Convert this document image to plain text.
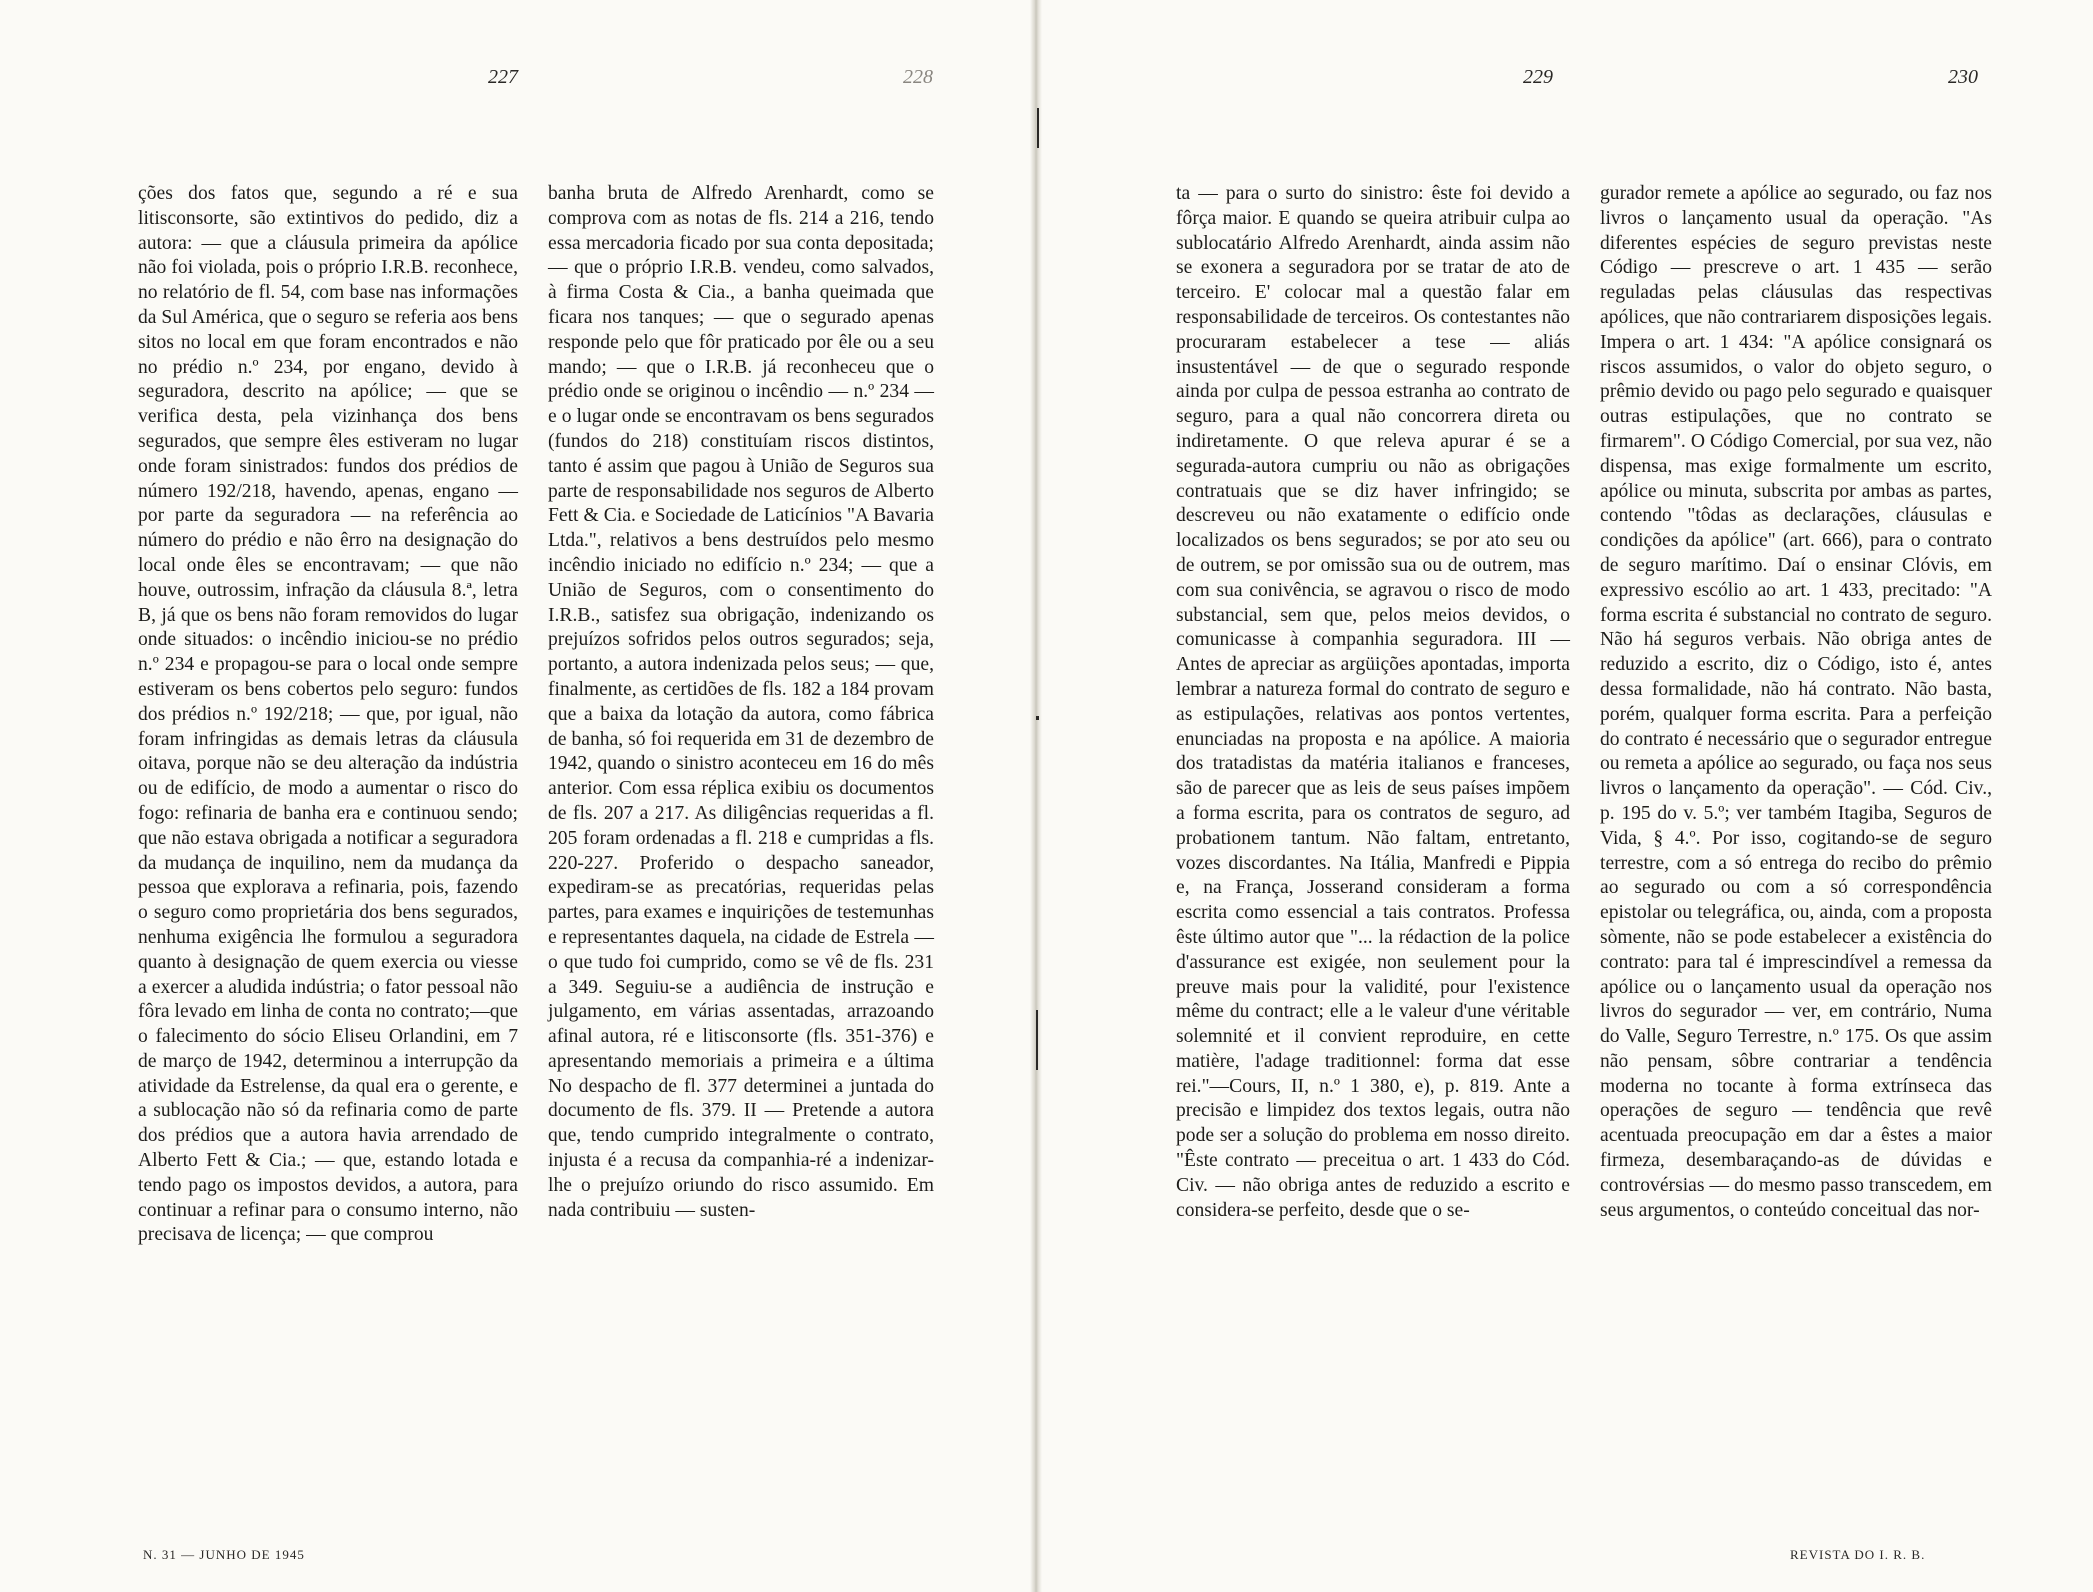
227	228	229	230

ções dos fatos que, segundo a ré e sua litisconsorte, são extintivos do pedido, diz a autora: — que a cláusula primeira da apólice não foi violada, pois o próprio I.R.B. reconhece, no relatório de fl. 54, com base nas informações da Sul América, que o seguro se referia aos bens sitos no local em que foram encontrados e não no prédio n.º 234, por engano, devido à seguradora, descrito na apólice; — que se verifica desta, pela vizinhança dos bens segurados, que sempre êles estiveram no lugar onde foram sinistrados: fundos dos prédios de número 192/218, havendo, apenas, engano — por parte da seguradora — na referência ao número do prédio e não êrro na designação do local onde êles se encontravam; — que não houve, outrossim, infração da cláusula 8.ª, letra B, já que os bens não foram removidos do lugar onde situados: o incêndio iniciou-se no prédio n.º 234 e propagou-se para o local onde sempre estiveram os bens cobertos pelo seguro: fundos dos prédios n.º 192/218; — que, por igual, não foram infringidas as demais letras da cláusula oitava, porque não se deu alteração da indústria ou de edifício, de modo a aumentar o risco do fogo: refinaria de banha era e continuou sendo; que não estava obrigada a notificar a seguradora da mudança de inquilino, nem da mudança da pessoa que explorava a refinaria, pois, fazendo o seguro como proprietária dos bens segurados, nenhuma exigência lhe formulou a seguradora quanto à designação de quem exercia ou viesse a exercer a aludida indústria; o fator pessoal não fôra levado em linha de conta no contrato;—que o falecimento do sócio Eliseu Orlandini, em 7 de março de 1942, determinou a interrupção da atividade da Estrelense, da qual era o gerente, e a sublocação não só da refinaria como de parte dos prédios que a autora havia arrendado de Alberto Fett & Cia.; — que, estando lotada e tendo pago os impostos devidos, a autora, para continuar a refinar para o consumo interno, não precisava de licença; — que comprou

banha bruta de Alfredo Arenhardt, como se comprova com as notas de fls. 214 a 216, tendo essa mercadoria ficado por sua conta depositada; — que o próprio I.R.B. vendeu, como salvados, à firma Costa & Cia., a banha queimada que ficara nos tanques; — que o segurado apenas responde pelo que fôr praticado por êle ou a seu mando; — que o I.R.B. já reconheceu que o prédio onde se originou o incêndio — n.º 234 — e o lugar onde se encontravam os bens segurados (fundos do 218) constituíam riscos distintos, tanto é assim que pagou à União de Seguros sua parte de responsabilidade nos seguros de Alberto Fett & Cia. e Sociedade de Laticínios "A Bavaria Ltda.", relativos a bens destruídos pelo mesmo incêndio iniciado no edifício n.º 234; — que a União de Seguros, com o consentimento do I.R.B., satisfez sua obrigação, indenizando os prejuízos sofridos pelos outros segurados; seja, portanto, a autora indenizada pelos seus; — que, finalmente, as certidões de fls. 182 a 184 provam que a baixa da lotação da autora, como fábrica de banha, só foi requerida em 31 de dezembro de 1942, quando o sinistro aconteceu em 16 do mês anterior. Com essa réplica exibiu os documentos de fls. 207 a 217. As diligências requeridas a fl. 205 foram ordenadas a fl. 218 e cumpridas a fls. 220-227. Proferido o despacho saneador, expediram-se as precatórias, requeridas pelas partes, para exames e inquirições de testemunhas e representantes daquela, na cidade de Estrela — o que tudo foi cumprido, como se vê de fls. 231 a 349. Seguiu-se a audiência de instrução e julgamento, em várias assentadas, arrazoando afinal autora, ré e litisconsorte (fls. 351-376) e apresentando memoriais a primeira e a última No despacho de fl. 377 determinei a juntada do documento de fls. 379. II — Pretende a autora que, tendo cumprido integralmente o contrato, injusta é a recusa da companhia-ré a indenizar-lhe o prejuízo oriundo do risco assumido. Em nada contribuiu — susten-

ta — para o surto do sinistro: êste foi devido a fôrça maior. E quando se queira atribuir culpa ao sublocatário Alfredo Arenhardt, ainda assim não se exonera a seguradora por se tratar de ato de terceiro. E' colocar mal a questão falar em responsabilidade de terceiros. Os contestantes não procuraram estabelecer a tese — aliás insustentável — de que o segurado responde ainda por culpa de pessoa estranha ao contrato de seguro, para a qual não concorrera direta ou indiretamente. O que releva apurar é se a segurada-autora cumpriu ou não as obrigações contratuais que se diz haver infringido; se descreveu ou não exatamente o edifício onde localizados os bens segurados; se por ato seu ou de outrem, se por omissão sua ou de outrem, mas com sua conivência, se agravou o risco de modo substancial, sem que, pelos meios devidos, o comunicasse à companhia seguradora. III — Antes de apreciar as argüições apontadas, importa lembrar a natureza formal do contrato de seguro e as estipulações, relativas aos pontos vertentes, enunciadas na proposta e na apólice. A maioria dos tratadistas da matéria italianos e franceses, são de parecer que as leis de seus países impõem a forma escrita, para os contratos de seguro, ad probationem tantum. Não faltam, entretanto, vozes discordantes. Na Itália, Manfredi e Pippia e, na França, Josserand consideram a forma escrita como essencial a tais contratos. Professa êste último autor que "... la rédaction de la police d'assurance est exigée, non seulement pour la preuve mais pour la validité, pour l'existence même du contract; elle a le valeur d'une véritable solemnité et il convient reproduire, en cette matière, l'adage traditionnel: forma dat esse rei."—Cours, II, n.º 1 380, e), p. 819. Ante a precisão e limpidez dos textos legais, outra não pode ser a solução do problema em nosso direito. "Êste contrato — preceitua o art. 1 433 do Cód. Civ. — não obriga antes de reduzido a escrito e considera-se perfeito, desde que o se-

gurador remete a apólice ao segurado, ou faz nos livros o lançamento usual da operação. "As diferentes espécies de seguro previstas neste Código — prescreve o art. 1 435 — serão reguladas pelas cláusulas das respectivas apólices, que não contrariarem disposições legais. Impera o art. 1 434: "A apólice consignará os riscos assumidos, o valor do objeto seguro, o prêmio devido ou pago pelo segurado e quaisquer outras estipulações, que no contrato se firmarem". O Código Comercial, por sua vez, não dispensa, mas exige formalmente um escrito, apólice ou minuta, subscrita por ambas as partes, contendo "tôdas as declarações, cláusulas e condições da apólice" (art. 666), para o contrato de seguro marítimo. Daí o ensinar Clóvis, em expressivo escólio ao art. 1 433, precitado: "A forma escrita é substancial no contrato de seguro. Não há seguros verbais. Não obriga antes de reduzido a escrito, diz o Código, isto é, antes dessa formalidade, não há contrato. Não basta, porém, qualquer forma escrita. Para a perfeição do contrato é necessário que o segurador entregue ou remeta a apólice ao segurado, ou faça nos seus livros o lançamento da operação". — Cód. Civ., p. 195 do v. 5.º; ver também Itagiba, Seguros de Vida, § 4.º. Por isso, cogitando-se de seguro terrestre, com a só entrega do recibo do prêmio ao segurado ou com a só correspondência epistolar ou telegráfica, ou, ainda, com a proposta sòmente, não se pode estabelecer a existência do contrato: para tal é imprescindível a remessa da apólice ou o lançamento usual da operação nos livros do segurador — ver, em contrário, Numa do Valle, Seguro Terrestre, n.º 175. Os que assim não pensam, sôbre contrariar a tendência moderna no tocante à forma extrínseca das operações de seguro — tendência que revê acentuada preocupação em dar a êstes a maior firmeza, desembaraçando-as de dúvidas e controvérsias — do mesmo passo transcedem, em seus argumentos, o conteúdo conceitual das nor-

N. 31 — JUNHO DE 1945	REVISTA DO I. R. B.
